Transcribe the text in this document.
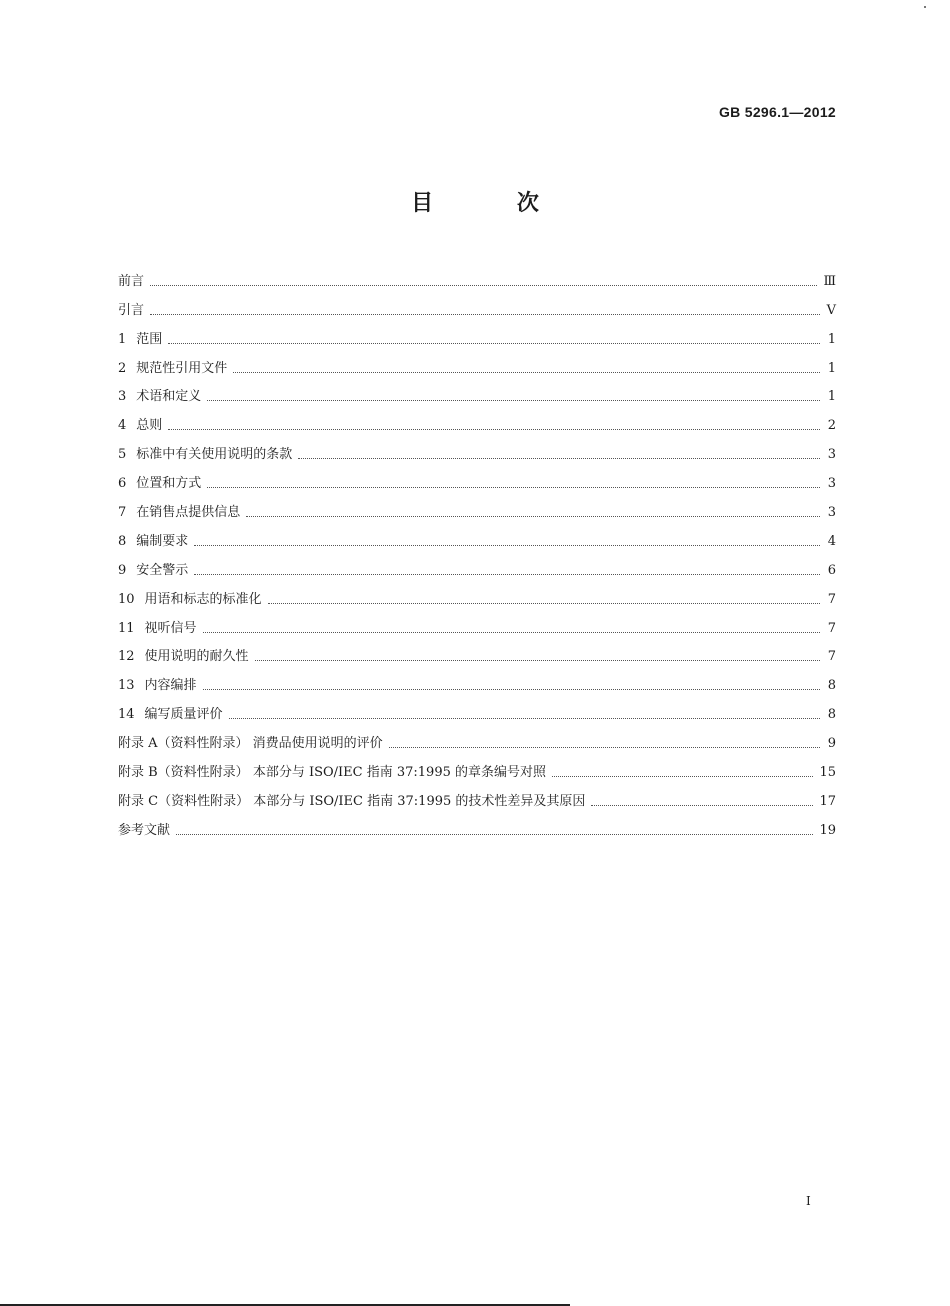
GB 5296.1—2012
目 次
前言	Ⅲ
引言	Ⅴ
1 范围	1
2 规范性引用文件	1
3 术语和定义	1
4 总则	2
5 标准中有关使用说明的条款	3
6 位置和方式	3
7 在销售点提供信息	3
8 编制要求	4
9 安全警示	6
10 用语和标志的标准化	7
11 视听信号	7
12 使用说明的耐久性	7
13 内容编排	8
14 编写质量评价	8
附录 A（资料性附录） 消费品使用说明的评价	9
附录 B（资料性附录） 本部分与 ISO/IEC 指南 37:1995 的章条编号对照	15
附录 C（资料性附录） 本部分与 ISO/IEC 指南 37:1995 的技术性差异及其原因	17
参考文献	19
I
